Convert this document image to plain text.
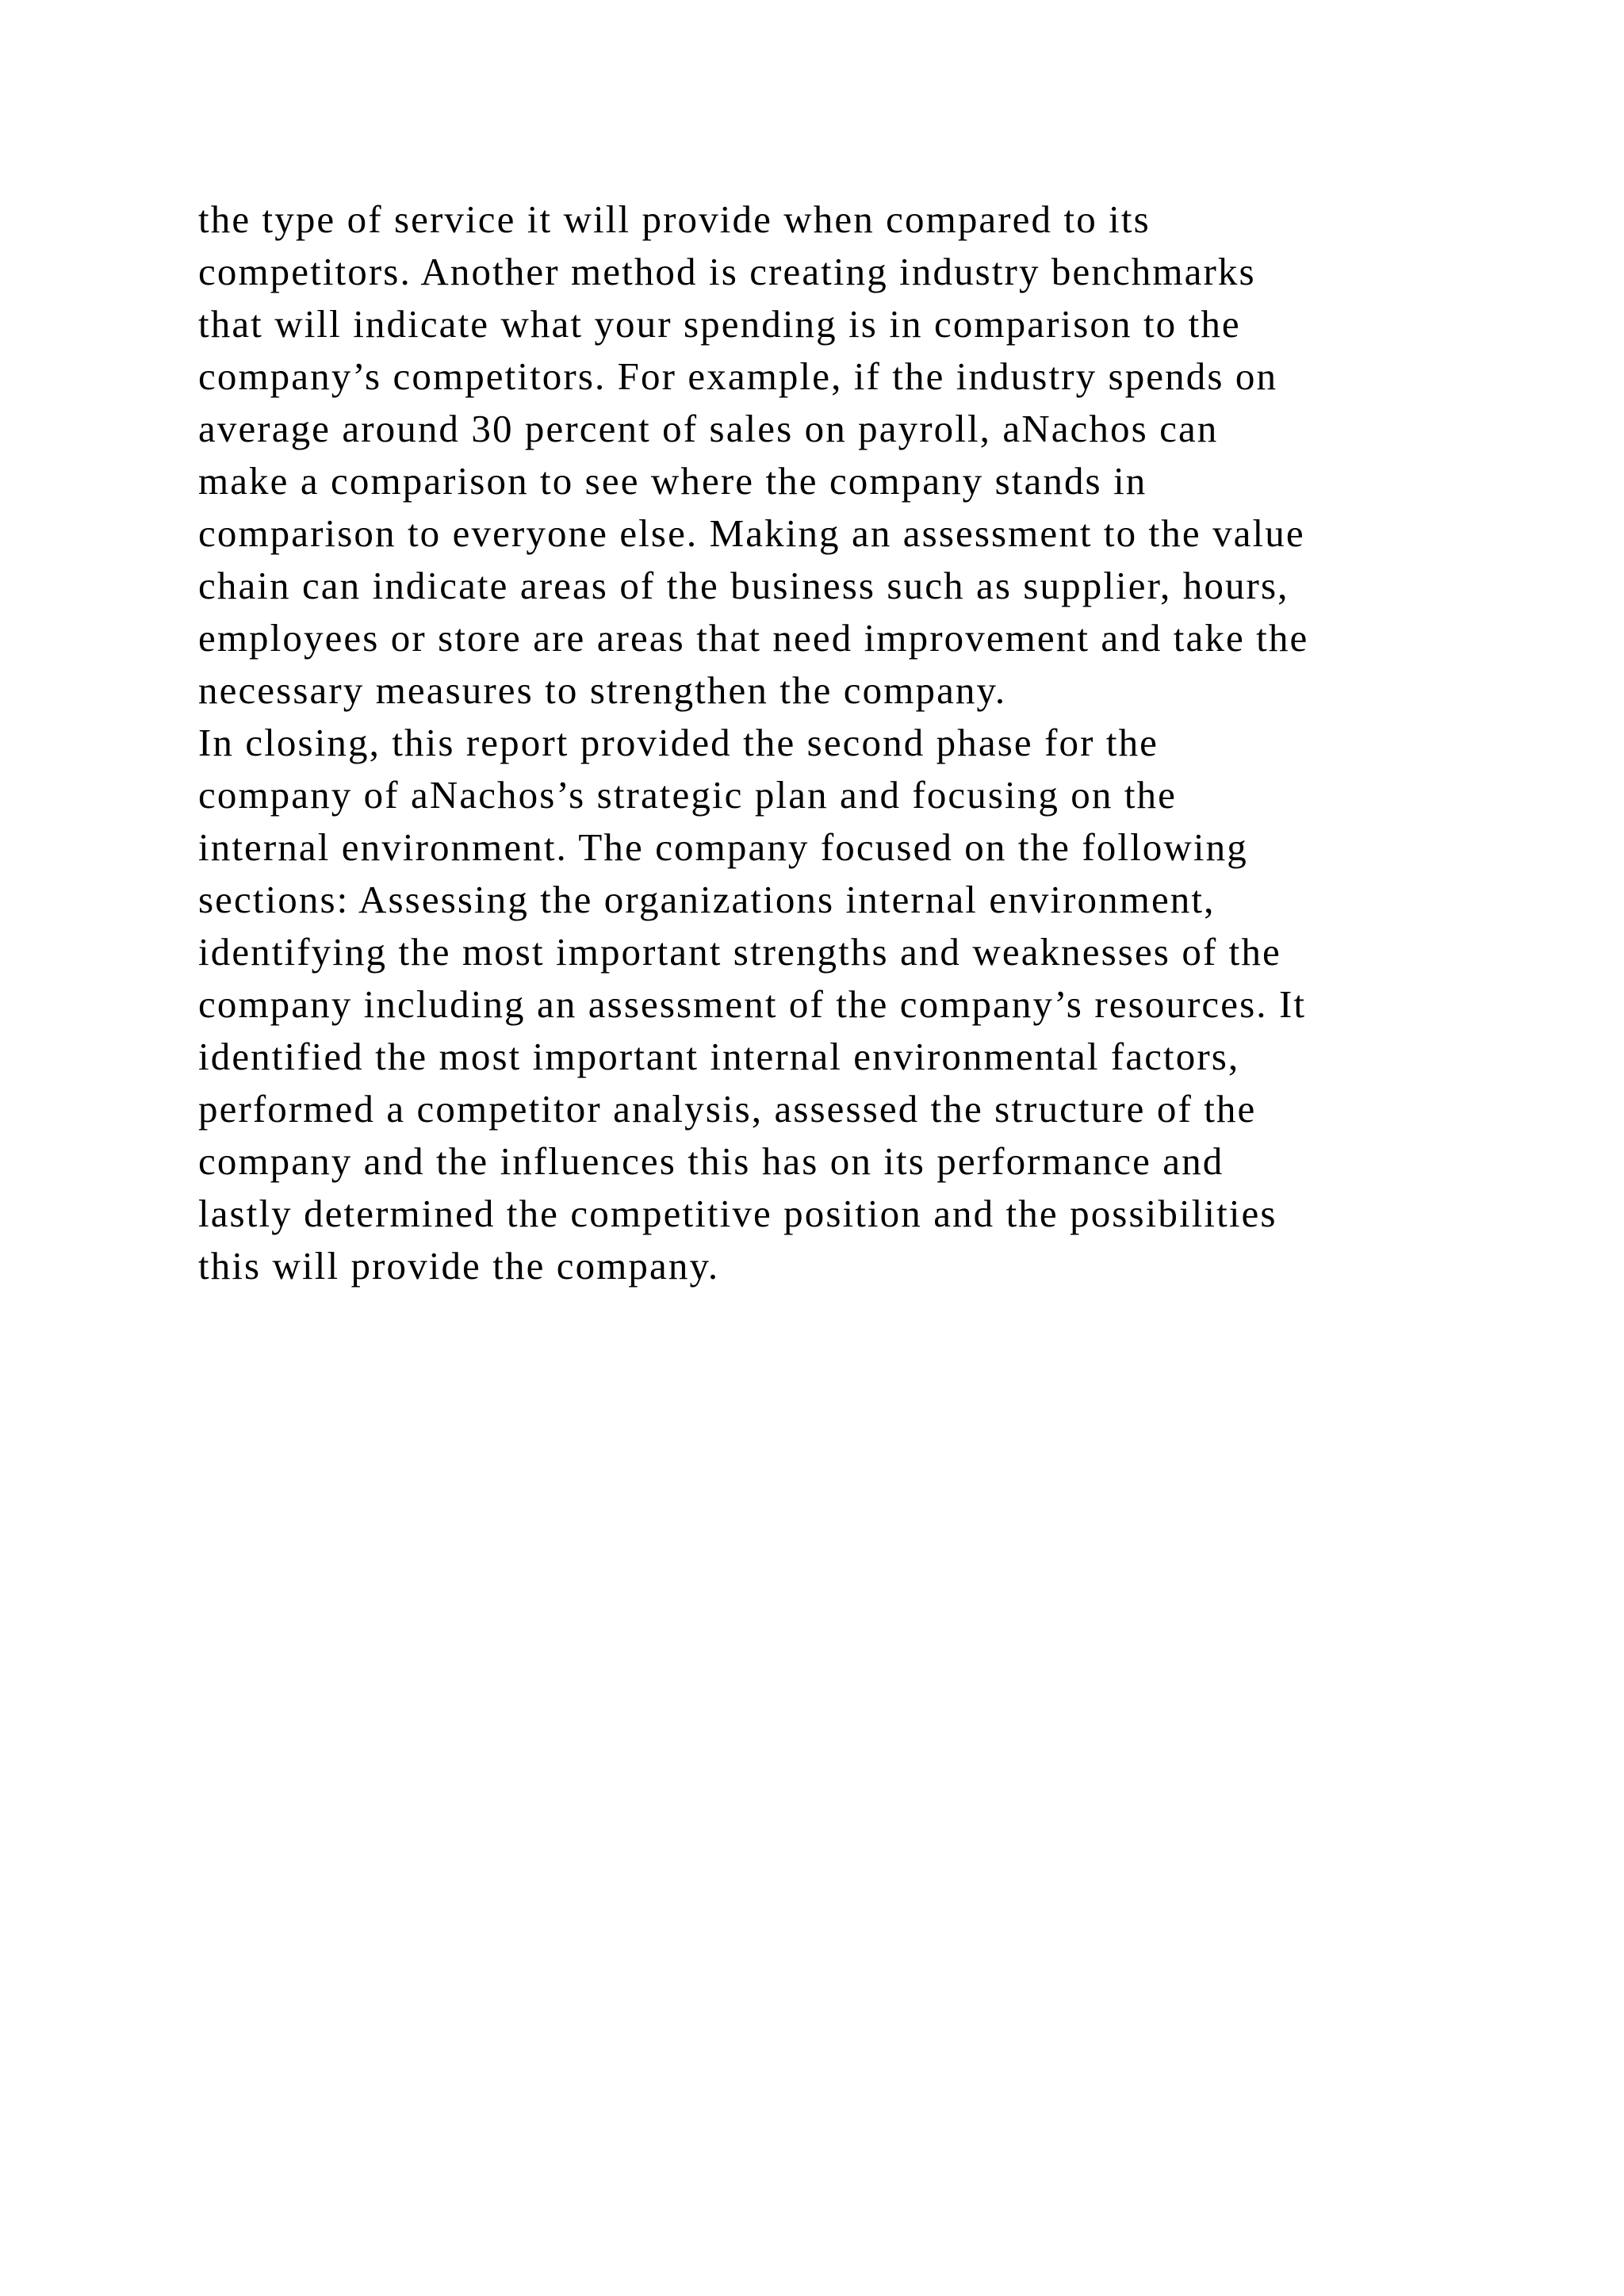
the type of service it will provide when compared to its
competitors. Another method is creating industry benchmarks
that will indicate what your spending is in comparison to the
company’s competitors. For example, if the industry spends on
average around 30 percent of sales on payroll, aNachos can
make a comparison to see where the company stands in
comparison to everyone else. Making an assessment to the value
chain can indicate areas of the business such as supplier, hours,
employees or store are areas that need improvement and take the
necessary measures to strengthen the company.
In closing, this report provided the second phase for the
company of aNachos’s strategic plan and focusing on the
internal environment. The company focused on the following
sections: Assessing the organizations internal environment,
identifying the most important strengths and weaknesses of the
company including an assessment of the company’s resources. It
identified the most important internal environmental factors,
performed a competitor analysis, assessed the structure of the
company and the influences this has on its performance and
lastly determined the competitive position and the possibilities
this will provide the company.
